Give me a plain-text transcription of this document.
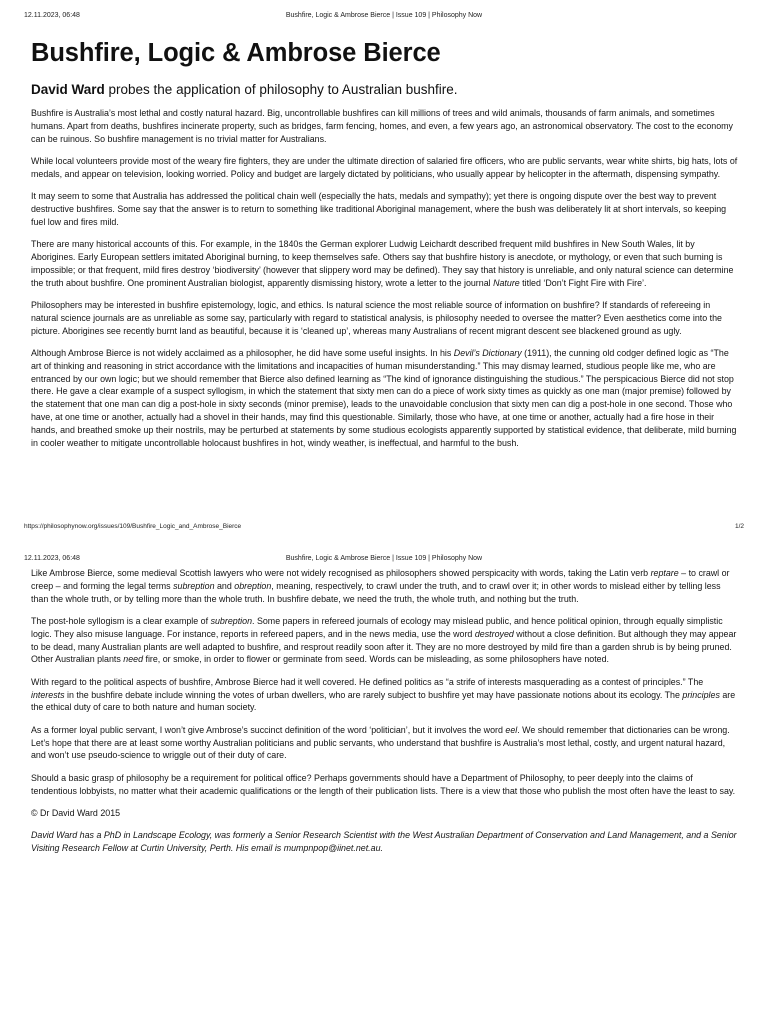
12.11.2023, 06:48	Bushfire, Logic & Ambrose Bierce | Issue 109 | Philosophy Now
Bushfire, Logic & Ambrose Bierce

David Ward probes the application of philosophy to Australian bushfire.

Bushfire is Australia’s most lethal and costly natural hazard. Big, uncontrollable bushfires can kill millions of trees and wild animals, thousands of farm animals, and sometimes humans. Apart from deaths, bushfires incinerate property, such as bridges, farm fencing, homes, and even, a few years ago, an astronomical observatory. The cost to the economy can be ruinous. So bushfire management is no trivial matter for Australians.

While local volunteers provide most of the weary fire fighters, they are under the ultimate direction of salaried fire officers, who are public servants, wear white shirts, big hats, lots of medals, and appear on television, looking worried. Policy and budget are largely dictated by politicians, who usually appear by helicopter in the aftermath, dispensing sympathy.

It may seem to some that Australia has addressed the political chain well (especially the hats, medals and sympathy); yet there is ongoing dispute over the best way to prevent destructive bushfires. Some say that the answer is to return to something like traditional Aboriginal management, where the bush was deliberately lit at short intervals, so keeping fuel low and fires mild.

There are many historical accounts of this. For example, in the 1840s the German explorer Ludwig Leichardt described frequent mild bushfires in New South Wales, lit by Aborigines. Early European settlers imitated Aboriginal burning, to keep themselves safe. Others say that bushfire history is anecdote, or mythology, or even that such burning is impossible; or that frequent, mild fires destroy ‘biodiversity’ (however that slippery word may be defined). They say that history is unreliable, and only natural science can determine the truth about bushfire. One prominent Australian biologist, apparently dismissing history, wrote a letter to the journal Nature titled ‘Don’t Fight Fire with Fire’.

Philosophers may be interested in bushfire epistemology, logic, and ethics. Is natural science the most reliable source of information on bushfire? If standards of refereeing in natural science journals are as unreliable as some say, particularly with regard to statistical analysis, is philosophy needed to oversee the matter? Even aesthetics come into the picture. Aborigines see recently burnt land as beautiful, because it is ‘cleaned up’, whereas many Australians of recent migrant descent see blackened ground as ugly.

Although Ambrose Bierce is not widely acclaimed as a philosopher, he did have some useful insights. In his Devil’s Dictionary (1911), the cunning old codger defined logic as “The art of thinking and reasoning in strict accordance with the limitations and incapacities of human misunderstanding.” This may dismay learned, studious people like me, who are entranced by our own logic; but we should remember that Bierce also defined learning as “The kind of ignorance distinguishing the studious.” The perspicacious Bierce did not stop there. He gave a clear example of a suspect syllogism, in which the statement that sixty men can do a piece of work sixty times as quickly as one man (major premise) followed by the statement that one man can dig a post-hole in sixty seconds (minor premise), leads to the unavoidable conclusion that sixty men can dig a post-hole in one second. Those who have, at one time or another, actually had a shovel in their hands, may find this questionable. Similarly, those who have, at one time or another, actually had a fire hose in their hands, and breathed smoke up their nostrils, may be perturbed at statements by some studious ecologists apparently supported by statistical evidence, that deliberate, mild burning in cooler weather to mitigate uncontrollable holocaust bushfires in hot, windy weather, is ineffectual, and harmful to the bush.

https://philosophynow.org/issues/109/Bushfire_Logic_and_Ambrose_Bierce	1/2
12.11.2023, 06:48	Bushfire, Logic & Ambrose Bierce | Issue 109 | Philosophy Now

Like Ambrose Bierce, some medieval Scottish lawyers who were not widely recognised as philosophers showed perspicacity with words, taking the Latin verb reptare – to crawl or creep – and forming the legal terms subreption and obreption, meaning, respectively, to crawl under the truth, and to crawl over it; in other words to mislead either by telling less than the whole truth, or by telling more than the whole truth. In bushfire debate, we need the truth, the whole truth, and nothing but the truth.

The post-hole syllogism is a clear example of subreption. Some papers in refereed journals of ecology may mislead public, and hence political opinion, through equally simplistic logic. They also misuse language. For instance, reports in refereed papers, and in the news media, use the word destroyed without a close definition. But although they may appear to be dead, many Australian plants are well adapted to bushfire, and resprout readily soon after it. They are no more destroyed by mild fire than a garden shrub is by being pruned. Other Australian plants need fire, or smoke, in order to flower or germinate from seed. Words can be misleading, as some philosophers have noted.

With regard to the political aspects of bushfire, Ambrose Bierce had it well covered. He defined politics as “a strife of interests masquerading as a contest of principles.” The interests in the bushfire debate include winning the votes of urban dwellers, who are rarely subject to bushfire yet may have passionate notions about its ecology. The principles are the ethical duty of care to both nature and human society.

As a former loyal public servant, I won’t give Ambrose’s succinct definition of the word ‘politician’, but it involves the word eel. We should remember that dictionaries can be wrong. Let’s hope that there are at least some worthy Australian politicians and public servants, who understand that bushfire is Australia’s most lethal, costly, and urgent natural hazard, and won’t use pseudo-science to wriggle out of their duty of care.

Should a basic grasp of philosophy be a requirement for political office? Perhaps governments should have a Department of Philosophy, to peer deeply into the claims of tendentious lobbyists, no matter what their academic qualifications or the length of their publication lists. There is a view that those who publish the most often have the least to say.

© Dr David Ward 2015

David Ward has a PhD in Landscape Ecology, was formerly a Senior Research Scientist with the West Australian Department of Conservation and Land Management, and a Senior Visiting Research Fellow at Curtin University, Perth. His email is mumpnpop@iinet.net.au.
